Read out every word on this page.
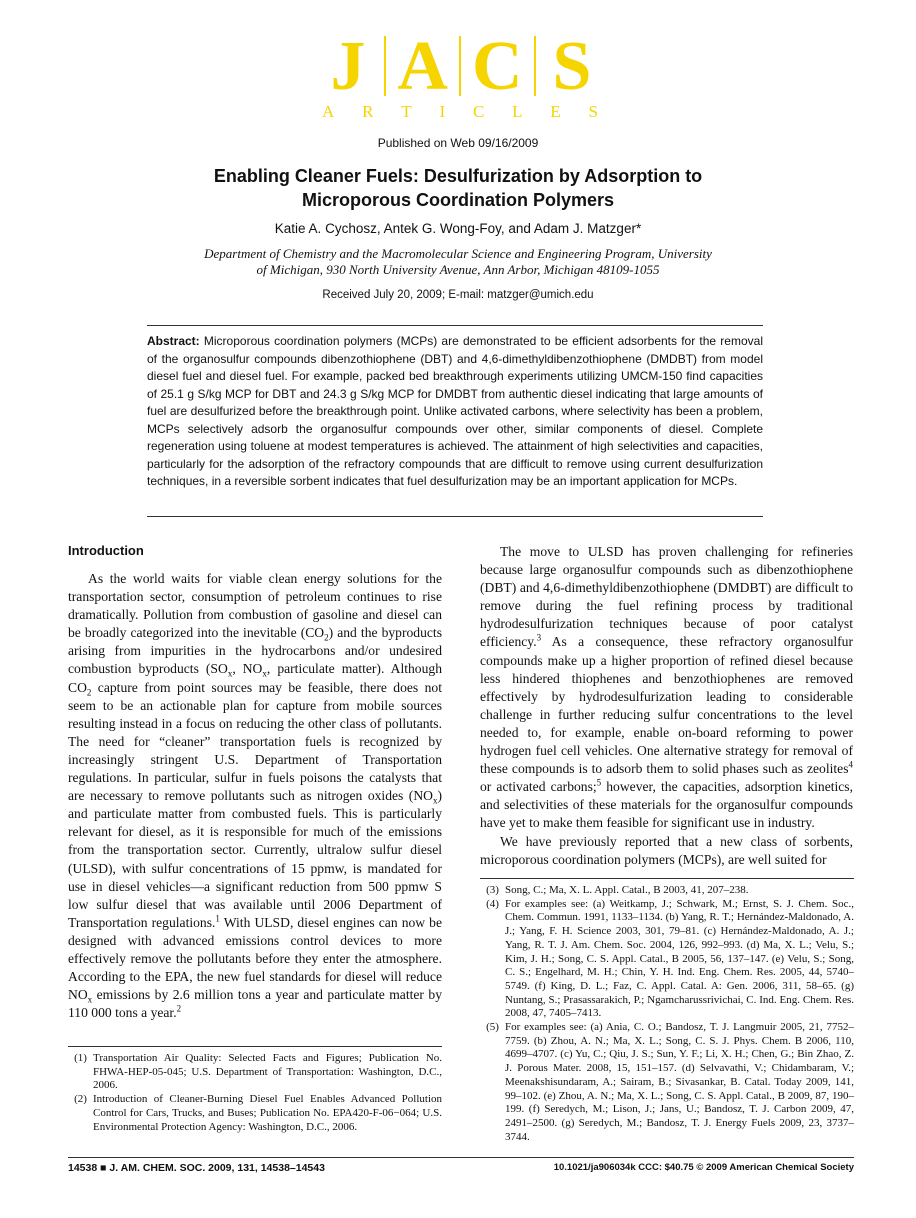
J A C S
A R T I C L E S
Published on Web 09/16/2009
Enabling Cleaner Fuels: Desulfurization by Adsorption to
Microporous Coordination Polymers
Katie A. Cychosz, Antek G. Wong-Foy, and Adam J. Matzger*
Department of Chemistry and the Macromolecular Science and Engineering Program, University
of Michigan, 930 North University Avenue, Ann Arbor, Michigan 48109-1055
Received July 20, 2009; E-mail: matzger@umich.edu

Abstract: Microporous coordination polymers (MCPs) are demonstrated to be efficient adsorbents for the removal of the organosulfur compounds dibenzothiophene (DBT) and 4,6-dimethyldibenzothiophene (DMDBT) from model diesel fuel and diesel fuel. For example, packed bed breakthrough experiments utilizing UMCM-150 find capacities of 25.1 g S/kg MCP for DBT and 24.3 g S/kg MCP for DMDBT from authentic diesel indicating that large amounts of fuel are desulfurized before the breakthrough point. Unlike activated carbons, where selectivity has been a problem, MCPs selectively adsorb the organosulfur compounds over other, similar components of diesel. Complete regeneration using toluene at modest temperatures is achieved. The attainment of high selectivities and capacities, particularly for the adsorption of the refractory compounds that are difficult to remove using current desulfurization techniques, in a reversible sorbent indicates that fuel desulfurization may be an important application for MCPs.

Introduction

As the world waits for viable clean energy solutions for the transportation sector, consumption of petroleum continues to rise dramatically. Pollution from combustion of gasoline and diesel can be broadly categorized into the inevitable $(CO_2)$ and the byproducts arising from impurities in the hydrocarbons and/or undesired combustion byproducts ($SO_x$, $NO_x$, particulate matter). Although $CO_2$ capture from point sources may be feasible, there does not seem to be an actionable plan for capture from mobile sources resulting instead in a focus on reducing the other class of pollutants. The need for “cleaner” transportation fuels is recognized by increasingly stringent U.S. Department of Transportation regulations. In particular, sulfur in fuels poisons the catalysts that are necessary to remove pollutants such as nitrogen oxides $(NO_x)$ and particulate matter from combusted fuels. This is particularly relevant for diesel, as it is responsible for much of the emissions from the transportation sector. Currently, ultralow sulfur diesel (ULSD), with sulfur concentrations of 15 ppmw, is mandated for use in diesel vehicles—a significant reduction from 500 ppmw S low sulfur diesel that was available until 2006 Department of Transportation regulations.$^1$ With ULSD, diesel engines can now be designed with advanced emissions control devices to more effectively remove the pollutants before they enter the atmosphere. According to the EPA, the new fuel standards for diesel will reduce $NO_x$ emissions by 2.6 million tons a year and particulate matter by 110 000 tons a year.$^2$

The move to ULSD has proven challenging for refineries because large organosulfur compounds such as dibenzothiophene (DBT) and 4,6-dimethyldibenzothiophene (DMDBT) are difficult to remove during the fuel refining process by traditional hydrodesulfurization techniques because of poor catalyst efficiency.$^3$ As a consequence, these refractory organosulfur compounds make up a higher proportion of refined diesel because less hindered thiophenes and benzothiophenes are removed effectively by hydrodesulfurization leading to considerable challenge in further reducing sulfur concentrations to the level needed to, for example, enable on-board reforming to power hydrogen fuel cell vehicles. One alternative strategy for removal of these compounds is to adsorb them to solid phases such as zeolites$^4$ or activated carbons;$^5$ however, the capacities, adsorption kinetics, and selectivities of these materials for the organosulfur compounds have yet to make them feasible for significant use in industry.

We have previously reported that a new class of sorbents, microporous coordination polymers (MCPs), are well suited for

(1) Transportation Air Quality: Selected Facts and Figures; Publication No. FHWA-HEP-05-045; U.S. Department of Transportation: Washington, D.C., 2006.
(2) Introduction of Cleaner-Burning Diesel Fuel Enables Advanced Pollution Control for Cars, Trucks, and Buses; Publication No. EPA420-F-06−064; U.S. Environmental Protection Agency: Washington, D.C., 2006.
(3) Song, C.; Ma, X. L. Appl. Catal., B 2003, 41, 207–238.
(4) For examples see: (a) Weitkamp, J.; Schwark, M.; Ernst, S. J. Chem. Soc., Chem. Commun. 1991, 1133–1134. (b) Yang, R. T.; Hernández-Maldonado, A. J.; Yang, F. H. Science 2003, 301, 79–81. (c) Hernández-Maldonado, A. J.; Yang, R. T. J. Am. Chem. Soc. 2004, 126, 992–993. (d) Ma, X. L.; Velu, S.; Kim, J. H.; Song, C. S. Appl. Catal., B 2005, 56, 137–147. (e) Velu, S.; Song, C. S.; Engelhard, M. H.; Chin, Y. H. Ind. Eng. Chem. Res. 2005, 44, 5740–5749. (f) King, D. L.; Faz, C. Appl. Catal. A: Gen. 2006, 311, 58–65. (g) Nuntang, S.; Prasassarakich, P.; Ngamcharussrivichai, C. Ind. Eng. Chem. Res. 2008, 47, 7405–7413.
(5) For examples see: (a) Ania, C. O.; Bandosz, T. J. Langmuir 2005, 21, 7752–7759. (b) Zhou, A. N.; Ma, X. L.; Song, C. S. J. Phys. Chem. B 2006, 110, 4699–4707. (c) Yu, C.; Qiu, J. S.; Sun, Y. F.; Li, X. H.; Chen, G.; Bin Zhao, Z. J. Porous Mater. 2008, 15, 151–157. (d) Selvavathi, V.; Chidambaram, V.; Meenakshisundaram, A.; Sairam, B.; Sivasankar, B. Catal. Today 2009, 141, 99–102. (e) Zhou, A. N.; Ma, X. L.; Song, C. S. Appl. Catal., B 2009, 87, 190–199. (f) Seredych, M.; Lison, J.; Jans, U.; Bandosz, T. J. Carbon 2009, 47, 2491–2500. (g) Seredych, M.; Bandosz, T. J. Energy Fuels 2009, 23, 3737–3744.
14538 ■ J. AM. CHEM. SOC. 2009, 131, 14538–14543	10.1021/ja906034k CCC: $40.75 © 2009 American Chemical Society
